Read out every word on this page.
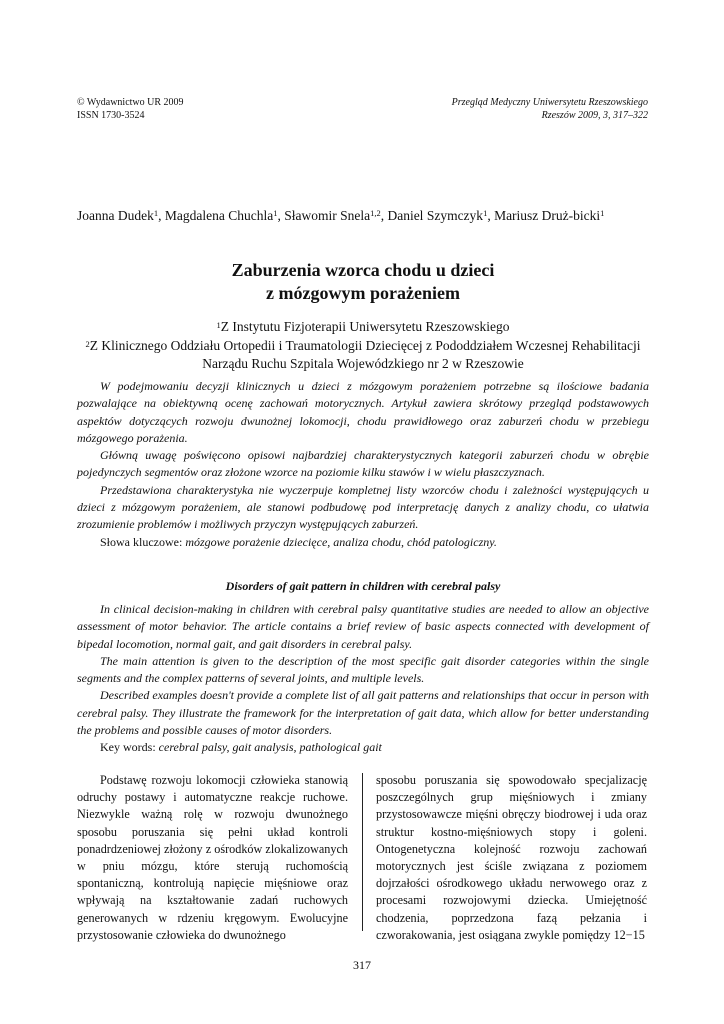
© Wydawnictwo UR 2009
ISSN 1730-3524
Przegląd Medyczny Uniwersytetu Rzeszowskiego
Rzeszów 2009, 3, 317–322
Joanna Dudek$^1$, Magdalena Chuchla$^1$, Sławomir Snela$^{1,2}$, Daniel Szymczyk$^1$, Mariusz Druż-bicki$^1$
Zaburzenia wzorca chodu u dzieci
z mózgowym porażeniem
$^1$Z Instytutu Fizjoterapii Uniwersytetu Rzeszowskiego
$^2$Z Klinicznego Oddziału Ortopedii i Traumatologii Dziecięcej z Pododdziałem Wczesnej Rehabilitacji Narządu Ruchu Szpitala Wojewódzkiego nr 2 w Rzeszowie

W podejmowaniu decyzji klinicznych u dzieci z mózgowym porażeniem potrzebne są ilościowe badania pozwalające na obiektywną ocenę zachowań motorycznych. Artykuł zawiera skrótowy przegląd podstawowych aspektów dotyczących rozwoju dwunożnej lokomocji, chodu prawidłowego oraz zaburzeń chodu w przebiegu mózgowego porażenia.

Główną uwagę poświęcono opisowi najbardziej charakterystycznych kategorii zaburzeń chodu w obrębie pojedynczych segmentów oraz złożone wzorce na poziomie kilku stawów i w wielu płaszczyznach.

Przedstawiona charakterystyka nie wyczerpuje kompletnej listy wzorców chodu i zależności występujących u dzieci z mózgowym porażeniem, ale stanowi podbudowę pod interpretację danych z analizy chodu, co ułatwia zrozumienie problemów i możliwych przyczyn występujących zaburzeń.

Słowa kluczowe: mózgowe porażenie dziecięce, analiza chodu, chód patologiczny.

Disorders of gait pattern in children with cerebral palsy

In clinical decision-making in children with cerebral palsy quantitative studies are needed to allow an objective assessment of motor behavior. The article contains a brief review of basic aspects connected with development of bipedal locomotion, normal gait, and gait disorders in cerebral palsy.

The main attention is given to the description of the most specific gait disorder categories within the single segments and the complex patterns of several joints, and multiple levels.

Described examples doesn't provide a complete list of all gait patterns and relationships that occur in person with cerebral palsy. They illustrate the framework for the interpretation of gait data, which allow for better understanding the problems and possible causes of motor disorders.

Key words: cerebral palsy, gait analysis, pathological gait

Podstawę rozwoju lokomocji człowieka stanowią odruchy postawy i automatyczne reakcje ruchowe. Niezwykle ważną rolę w rozwoju dwunożnego sposobu poruszania się pełni układ kontroli ponadrdzeniowej złożony z ośrodków zlokalizowanych w pniu mózgu, które sterują ruchomością spontaniczną, kontrolują napięcie mięśniowe oraz wpływają na kształtowanie zadań ruchowych generowanych w rdzeniu kręgowym. Ewolucyjne przystosowanie człowieka do dwunożnego
sposobu poruszania się spowodowało specjalizację poszczególnych grup mięśniowych i zmiany przystosowawcze mięśni obręczy biodrowej i uda oraz struktur kostno-mięśniowych stopy i goleni. Ontogenetyczna kolejność rozwoju zachowań motorycznych jest ściśle związana z poziomem dojrzałości ośrodkowego układu nerwowego oraz z procesami rozwojowymi dziecka. Umiejętność chodzenia, poprzedzona fazą pełzania i czworakowania, jest osiągana zwykle pomiędzy 12−15
317
